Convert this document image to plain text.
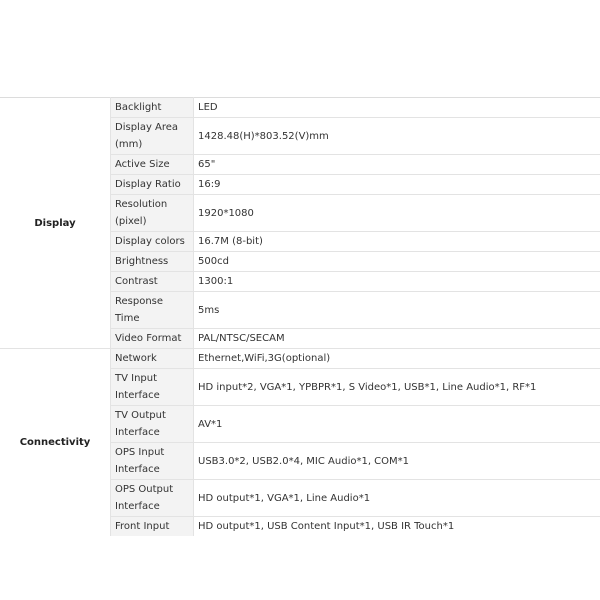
Display	Backlight	LED
	Display Area (mm)	1428.48(H)*803.52(V)mm
	Active Size	65"
	Display Ratio	16:9
	Resolution (pixel)	1920*1080
	Display colors	16.7M (8-bit)
	Brightness	500cd
	Contrast	1300:1
	Response Time	5ms
	Video Format	PAL/NTSC/SECAM
Connectivity	Network	Ethernet,WiFi,3G(optional)
	TV Input Interface	HD input*2, VGA*1, YPBPR*1, S Video*1, USB*1, Line Audio*1, RF*1
	TV Output Interface	AV*1
	OPS Input Interface	USB3.0*2, USB2.0*4, MIC Audio*1, COM*1
	OPS Output Interface	HD output*1, VGA*1, Line Audio*1
	Front Input	HD output*1, USB Content Input*1, USB IR Touch*1
